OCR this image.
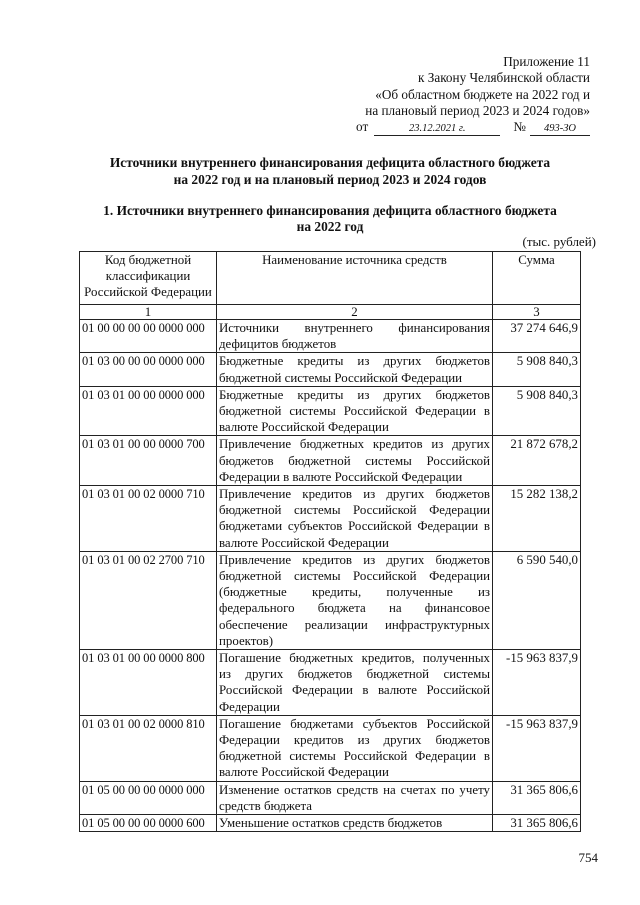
Приложение 11
к Закону Челябинской области
«Об областном бюджете на 2022 год и
на плановый период 2023 и 2024 годов»
от	23.12.2021 г.	№ 493-ЗО
Источники внутреннего финансирования дефицита областного бюджета
на 2022 год и на плановый период 2023 и 2024 годов
1. Источники внутреннего финансирования дефицита областного бюджета
на 2022 год
(тыс. рублей)
Код бюджетной классификации Российской Федерации	Наименование источника средств	Сумма
1	2	3
01 00 00 00 00 0000 000	Источники внутреннего финансирования дефицитов бюджетов	37 274 646,9
01 03 00 00 00 0000 000	Бюджетные кредиты из других бюджетов бюджетной системы Российской Федерации	5 908 840,3
01 03 01 00 00 0000 000	Бюджетные кредиты из других бюджетов бюджетной системы Российской Федерации в валюте Российской Федерации	5 908 840,3
01 03 01 00 00 0000 700	Привлечение бюджетных кредитов из других бюджетов бюджетной системы Российской Федерации в валюте Российской Федерации	21 872 678,2
01 03 01 00 02 0000 710	Привлечение кредитов из других бюджетов бюджетной системы Российской Федерации бюджетами субъектов Российской Федерации в валюте Российской Федерации	15 282 138,2
01 03 01 00 02 2700 710	Привлечение кредитов из других бюджетов бюджетной системы Российской Федерации (бюджетные кредиты, полученные из федерального бюджета на финансовое обеспечение реализации инфраструктурных проектов)	6 590 540,0
01 03 01 00 00 0000 800	Погашение бюджетных кредитов, полученных из других бюджетов бюджетной системы Российской Федерации в валюте Российской Федерации	-15 963 837,9
01 03 01 00 02 0000 810	Погашение бюджетами субъектов Российской Федерации кредитов из других бюджетов бюджетной системы Российской Федерации в валюте Российской Федерации	-15 963 837,9
01 05 00 00 00 0000 000	Изменение остатков средств на счетах по учету средств бюджета	31 365 806,6
01 05 00 00 00 0000 600	Уменьшение остатков средств бюджетов	31 365 806,6
754
